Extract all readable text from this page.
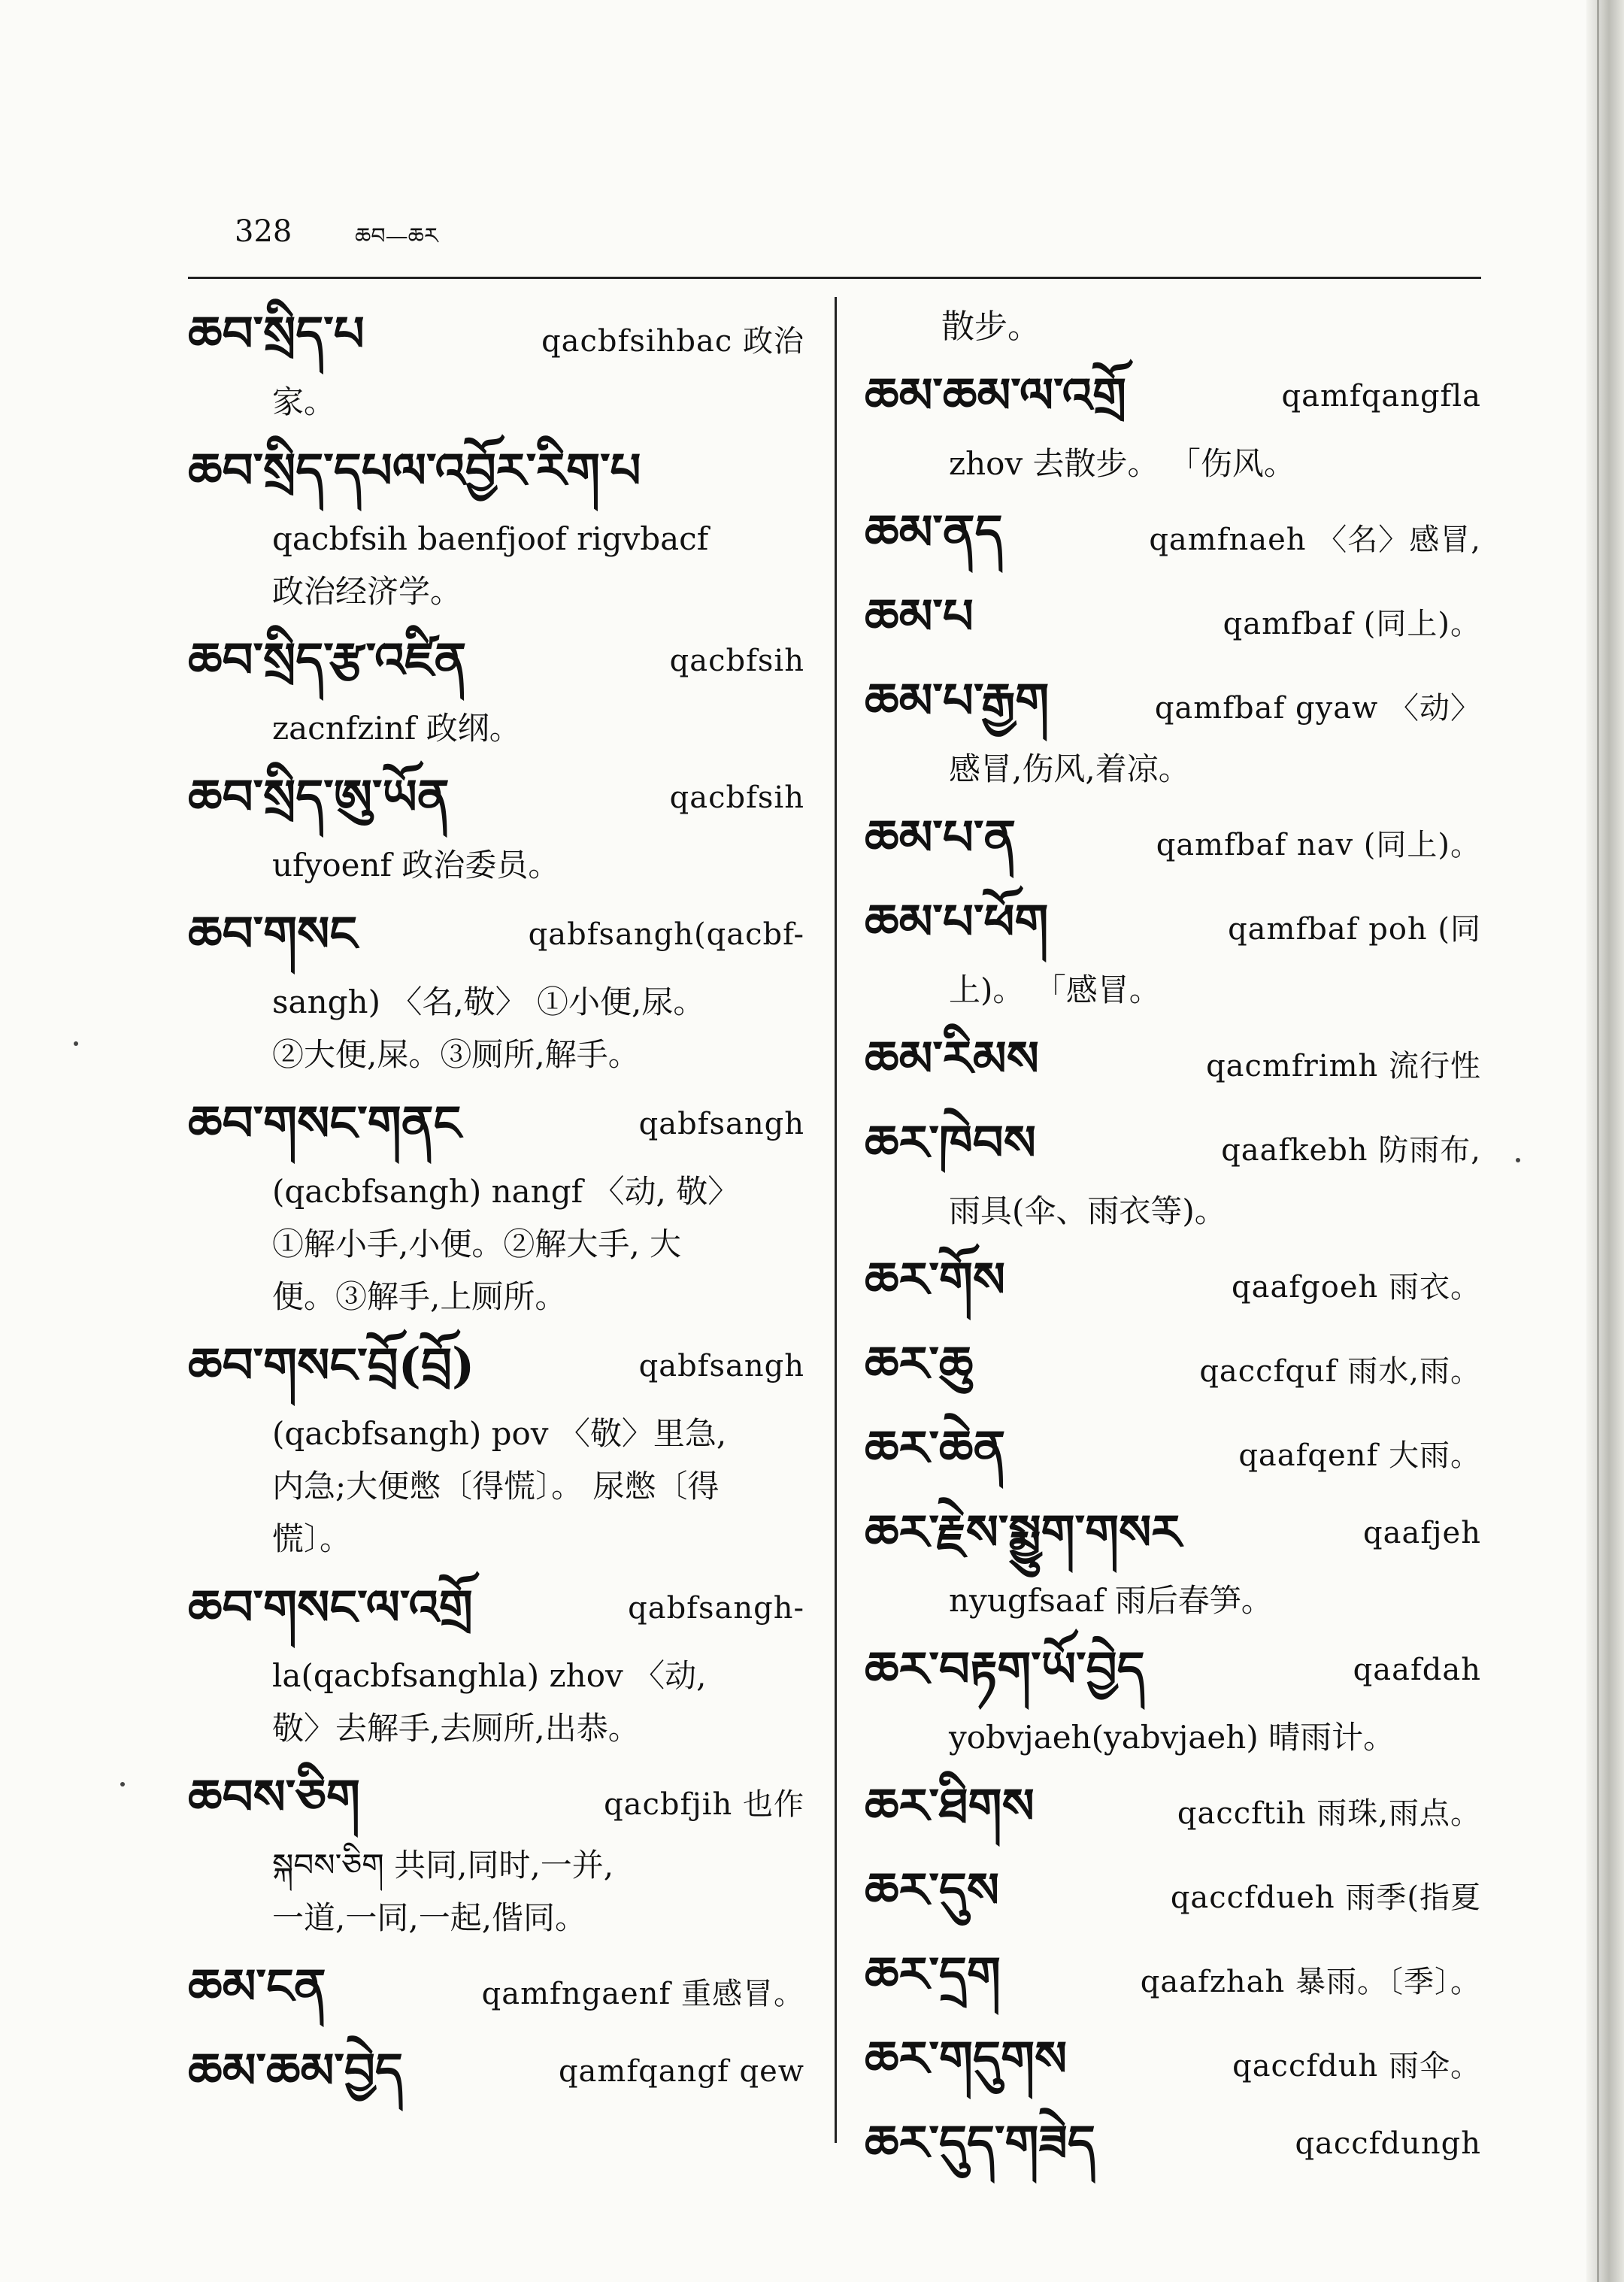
328	ཆབ—ཆར
ཆབ་སྲིད་པ	qacbfsihbac 政治
家。
ཆབ་སྲིད་དཔལ་འབྱོར་རིག་པ
qacbfsih baenfjoof rigvbacf
政治经济学。
ཆབ་སྲིད་རྩ་འཛིན	qacbfsih
zacnfzinf 政纲。
ཆབ་སྲིད་ཨུ་ཡོན	qacbfsih
ufyoenf 政治委员。
ཆབ་གསང	qabfsangh(qacbf-
sangh) 〈名,敬〉 ①小便,尿。
②大便,屎。③厕所,解手。
ཆབ་གསང་གནང	qabfsangh
(qacbfsangh) nangf 〈动, 敬〉
①解小手,小便。②解大手, 大
便。③解手,上厕所。
ཆབ་གསང་བྲོ(བྲོ)	qabfsangh
(qacbfsangh) pov 〈敬〉里急,
内急;大便憋〔得慌〕。 尿憋〔得
慌〕。
ཆབ་གསང་ལ་འགྲོ	qabfsangh-
la(qacbfsanghla) zhov 〈动,
敬〉去解手,去厕所,出恭。
ཆབས་ཅིག	qacbfjih 也作
སྐབས་ཅིག 共同,同时,一并,
一道,一同,一起,偕同。
ཆམ་ངན	qamfngaenf 重感冒。
ཆམ་ཆམ་བྱེད	qamfqangf qew
散步。
ཆམ་ཆམ་ལ་འགྲོ	qamfqangfla
zhov 去散步。 「伤风。
ཆམ་ནད	qamfnaeh 〈名〉感冒,
ཆམ་པ	qamfbaf (同上)。
ཆམ་པ་རྒྱག	qamfbaf gyaw 〈动〉
感冒,伤风,着凉。
ཆམ་པ་ན	qamfbaf nav (同上)。
ཆམ་པ་ཕོག	qamfbaf poh (同
上)。 「感冒。
ཆམ་རིམས	qacmfrimh 流行性
ཆར་ཁེབས	qaafkebh 防雨布,
雨具(伞、雨衣等)。
ཆར་གོས	qaafgoeh 雨衣。
ཆར་ཆུ	qaccfquf 雨水,雨。
ཆར་ཆེན	qaafqenf 大雨。
ཆར་རྗེས་སྨྱུག་གསར	qaafjeh
nyugfsaaf 雨后春笋。
ཆར་བརྟག་ཡོ་བྱེད	qaafdah
yobvjaeh(yabvjaeh) 晴雨计。
ཆར་ཐིགས	qaccftih 雨珠,雨点。
ཆར་དུས	qaccfdueh 雨季(指夏
ཆར་དྲག	qaafzhah 暴雨。〔季〕。
ཆར་གདུགས	qaccfduh 雨伞。
ཆར་དུད་གཟེད	qaccfdungh
